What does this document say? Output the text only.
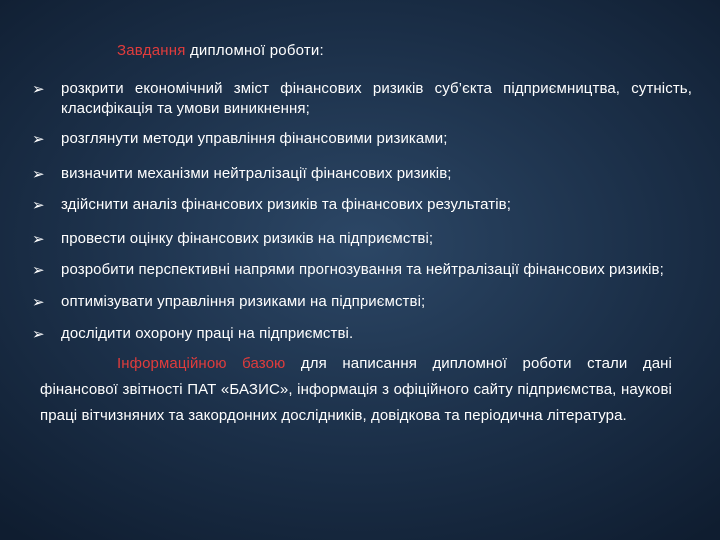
Завдання дипломної роботи:
➢ розкрити економічний зміст фінансових ризиків суб’єкта підприємництва, сутність, класифікація та умови виникнення;
➢ розглянути методи управління фінансовими ризиками;
➢ визначити механізми нейтралізації фінансових ризиків;
➢ здійснити аналіз фінансових ризиків та фінансових результатів;
➢ провести оцінку фінансових ризиків на підприємстві;
➢ розробити перспективні напрями прогнозування та нейтралізації фінансових ризиків;
➢ оптимізувати управління ризиками на підприємстві;
➢ дослідити охорону праці на підприємстві.
Інформаційною базою для написання дипломної роботи стали дані фінансової звітності ПАТ «БАЗИС», інформація з офіційного сайту підприємства, наукові праці вітчизняних та закордонних дослідників, довідкова та періодична література.
